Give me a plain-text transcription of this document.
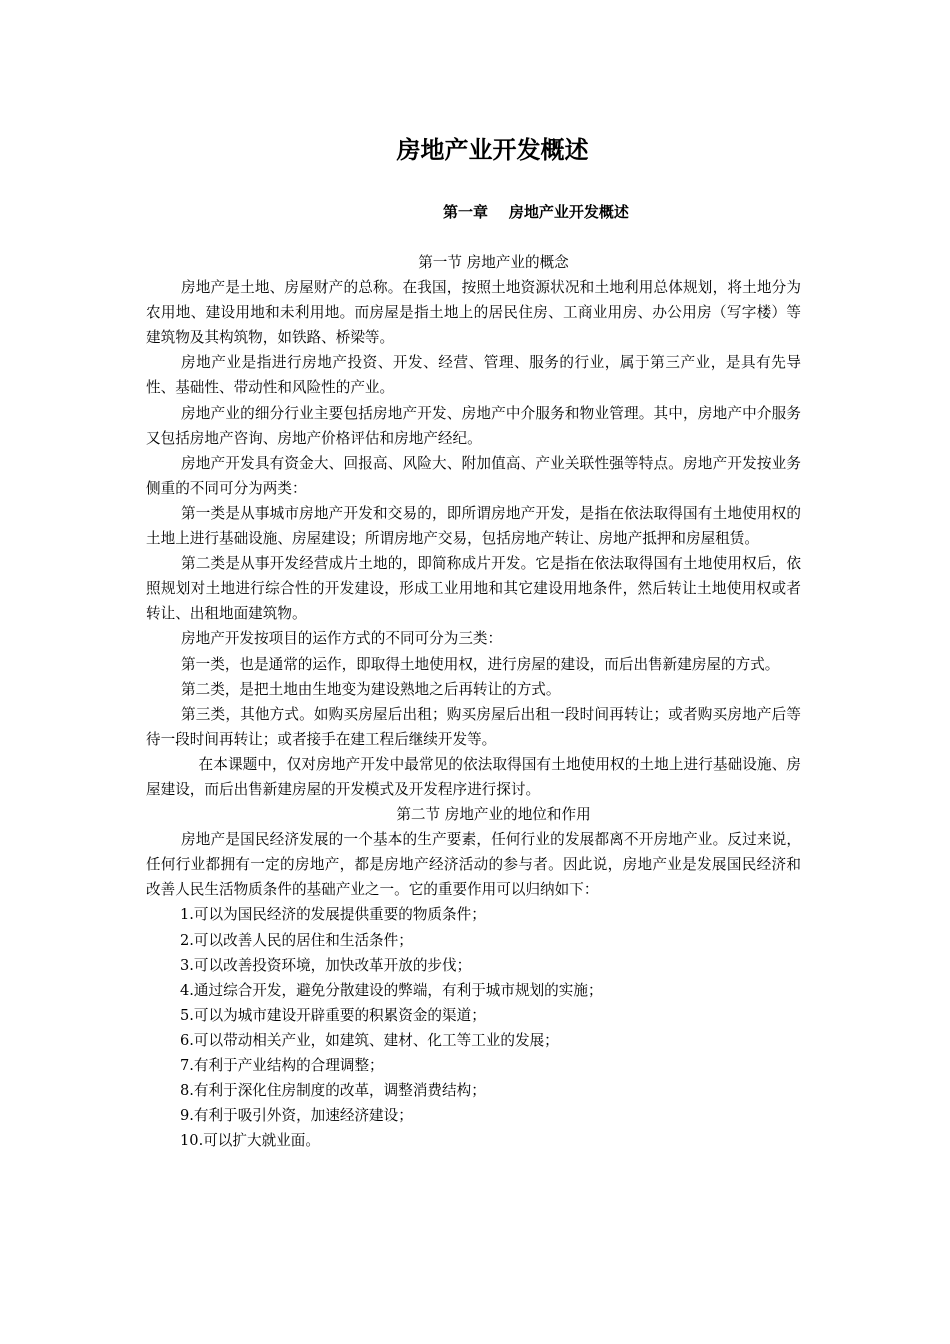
房地产业开发概述
第一章    房地产业开发概述

第一节 房地产业的概念

房地产是土地、房屋财产的总称。在我国，按照土地资源状况和土地利用总体规划，将土地分为农用地、建设用地和未利用地。而房屋是指土地上的居民住房、工商业用房、办公用房（写字楼）等建筑物及其构筑物，如铁路、桥梁等。

房地产业是指进行房地产投资、开发、经营、管理、服务的行业，属于第三产业，是具有先导性、基础性、带动性和风险性的产业。

房地产业的细分行业主要包括房地产开发、房地产中介服务和物业管理。其中，房地产中介服务又包括房地产咨询、房地产价格评估和房地产经纪。

房地产开发具有资金大、回报高、风险大、附加值高、产业关联性强等特点。房地产开发按业务侧重的不同可分为两类：

第一类是从事城市房地产开发和交易的，即所谓房地产开发，是指在依法取得国有土地使用权的土地上进行基础设施、房屋建设；所谓房地产交易，包括房地产转让、房地产抵押和房屋租赁。

第二类是从事开发经营成片土地的，即简称成片开发。它是指在依法取得国有土地使用权后，依照规划对土地进行综合性的开发建设，形成工业用地和其它建设用地条件，然后转让土地使用权或者转让、出租地面建筑物。

房地产开发按项目的运作方式的不同可分为三类：

第一类，也是通常的运作，即取得土地使用权，进行房屋的建设，而后出售新建房屋的方式。

第二类，是把土地由生地变为建设熟地之后再转让的方式。

第三类，其他方式。如购买房屋后出租；购买房屋后出租一段时间再转让；或者购买房地产后等待一段时间再转让；或者接手在建工程后继续开发等。

在本课题中，仅对房地产开发中最常见的依法取得国有土地使用权的土地上进行基础设施、房屋建设，而后出售新建房屋的开发模式及开发程序进行探讨。

第二节 房地产业的地位和作用

房地产是国民经济发展的一个基本的生产要素，任何行业的发展都离不开房地产业。反过来说，任何行业都拥有一定的房地产，都是房地产经济活动的参与者。因此说，房地产业是发展国民经济和改善人民生活物质条件的基础产业之一。它的重要作用可以归纳如下：

1.可以为国民经济的发展提供重要的物质条件；

2.可以改善人民的居住和生活条件；

3.可以改善投资环境，加快改革开放的步伐；

4.通过综合开发，避免分散建设的弊端，有利于城市规划的实施；

5.可以为城市建设开辟重要的积累资金的渠道；

6.可以带动相关产业，如建筑、建材、化工等工业的发展；

7.有利于产业结构的合理调整；

8.有利于深化住房制度的改革，调整消费结构；

9.有利于吸引外资，加速经济建设；

10.可以扩大就业面。
